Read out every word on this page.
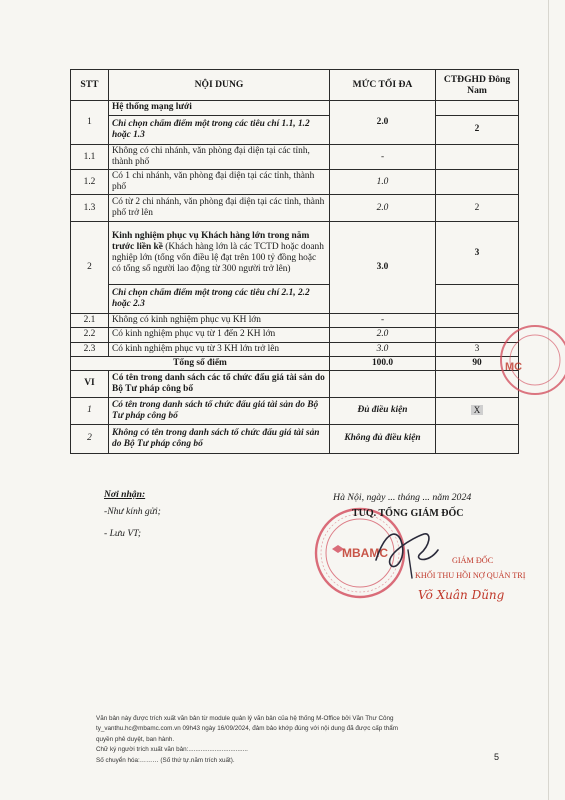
STT	NỘI DUNG	MỨC TỐI ĐA	CTĐGHD Đông Nam
1	Hệ thống mạng lưới	2.0	
	Chỉ chọn chấm điểm một trong các tiêu chí 1.1, 1.2 hoặc 1.3		2
1.1	Không có chi nhánh, văn phòng đại diện tại các tỉnh, thành phố	-	
1.2	Có 1 chi nhánh, văn phòng đại diện tại các tỉnh, thành phố	1.0	
1.3	Có từ 2 chi nhánh, văn phòng đại diện tại các tỉnh, thành phố trở lên	2.0	2
2	Kinh nghiệm phục vụ Khách hàng lớn trong năm trước liền kề (Khách hàng lớn là các TCTD hoặc doanh nghiệp lớn (tổng vốn điều lệ đạt trên 100 tỷ đồng hoặc có tổng số người lao động từ 300 người trở lên)	3.0	3
	Chỉ chọn chấm điểm một trong các tiêu chí 2.1, 2.2 hoặc 2.3		
2.1	Không có kinh nghiệm phục vụ KH lớn	-	
2.2	Có kinh nghiệm phục vụ từ 1 đến 2 KH lớn	2.0	
2.3	Có kinh nghiệm phục vụ từ 3 KH lớn trở lên	3.0	3
Tổng số điểm		100.0	90
VI	Có tên trong danh sách các tổ chức đấu giá tài sản do Bộ Tư pháp công bố		
1	Có tên trong danh sách tổ chức đấu giá tài sản do Bộ Tư pháp công bố	Đủ điều kiện	X
2	Không có tên trong danh sách tổ chức đấu giá tài sản do Bộ Tư pháp công bố	Không đủ điều kiện	
MC
Nơi nhận:
-Như kính gửi;
- Lưu VT;
MBAMC
Hà Nội, ngày ... tháng ... năm 2024
TUQ. TỔNG GIÁM ĐỐC
GIÁM ĐỐC
KHỐI THU HỒI NỢ QUẢN TRỊ
Võ Xuân Dũng
Văn bản này được trích xuất văn bản từ module quản lý văn bản của hệ thống M-Office bởi Văn Thư Công
ty_vanthu.hc@mbamc.com.vn 09h43 ngày 16/09/2024, đảm bảo khớp đúng với nội dung đã được cấp thẩm
quyền phê duyệt, ban hành.
Chữ ký người trích xuất văn bản:..................................
Số chuyển hóa:……… (Số thứ tự.năm trích xuất).	5
